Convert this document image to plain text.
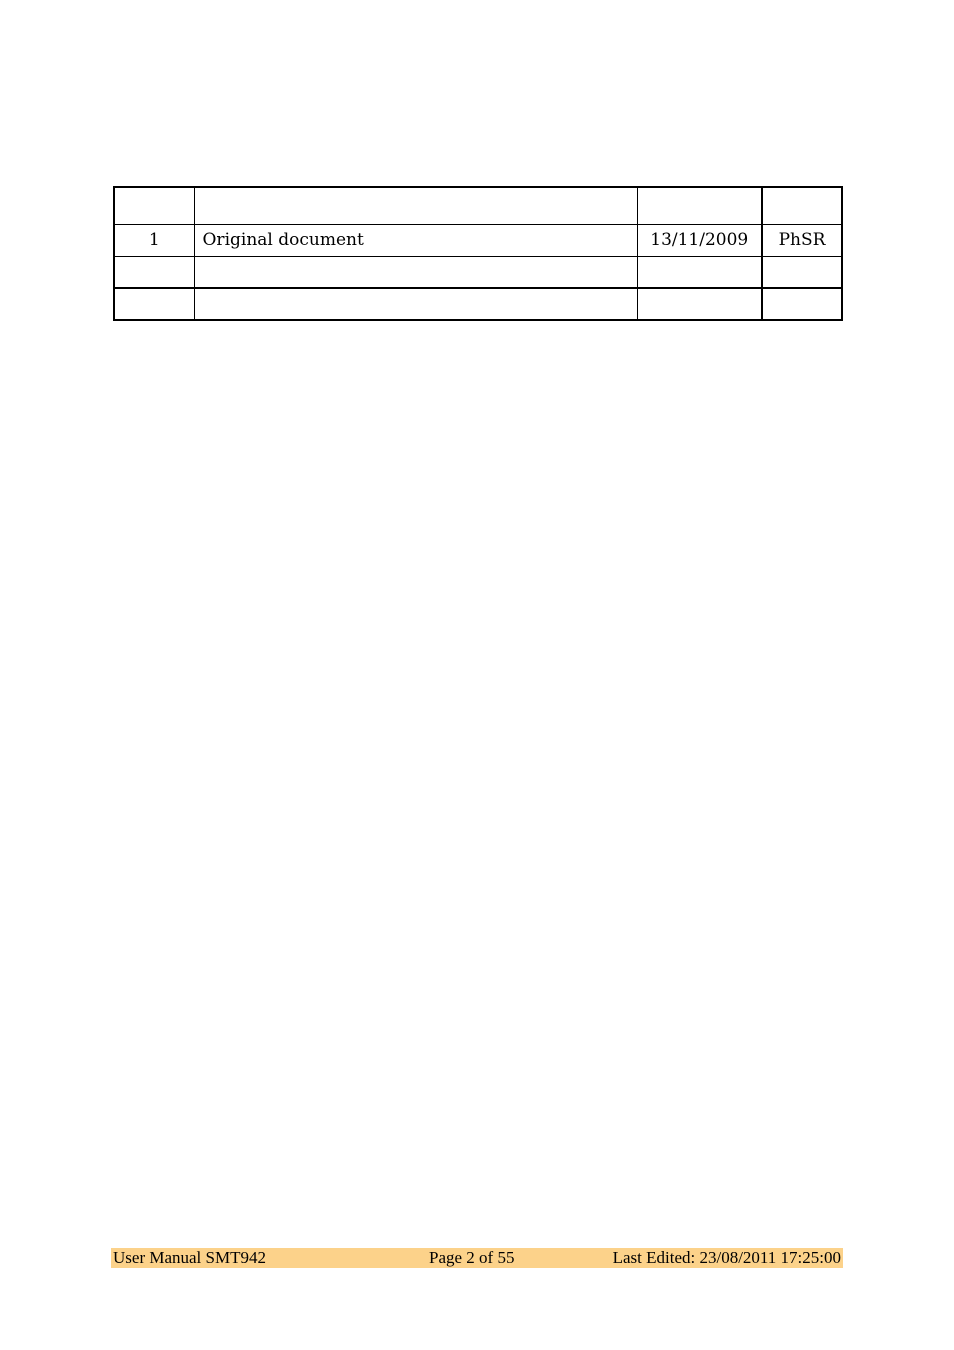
1	Original document	13/11/2009	PhSR

User Manual SMT942	Page 2 of 55	Last Edited: 23/08/2011 17:25:00
